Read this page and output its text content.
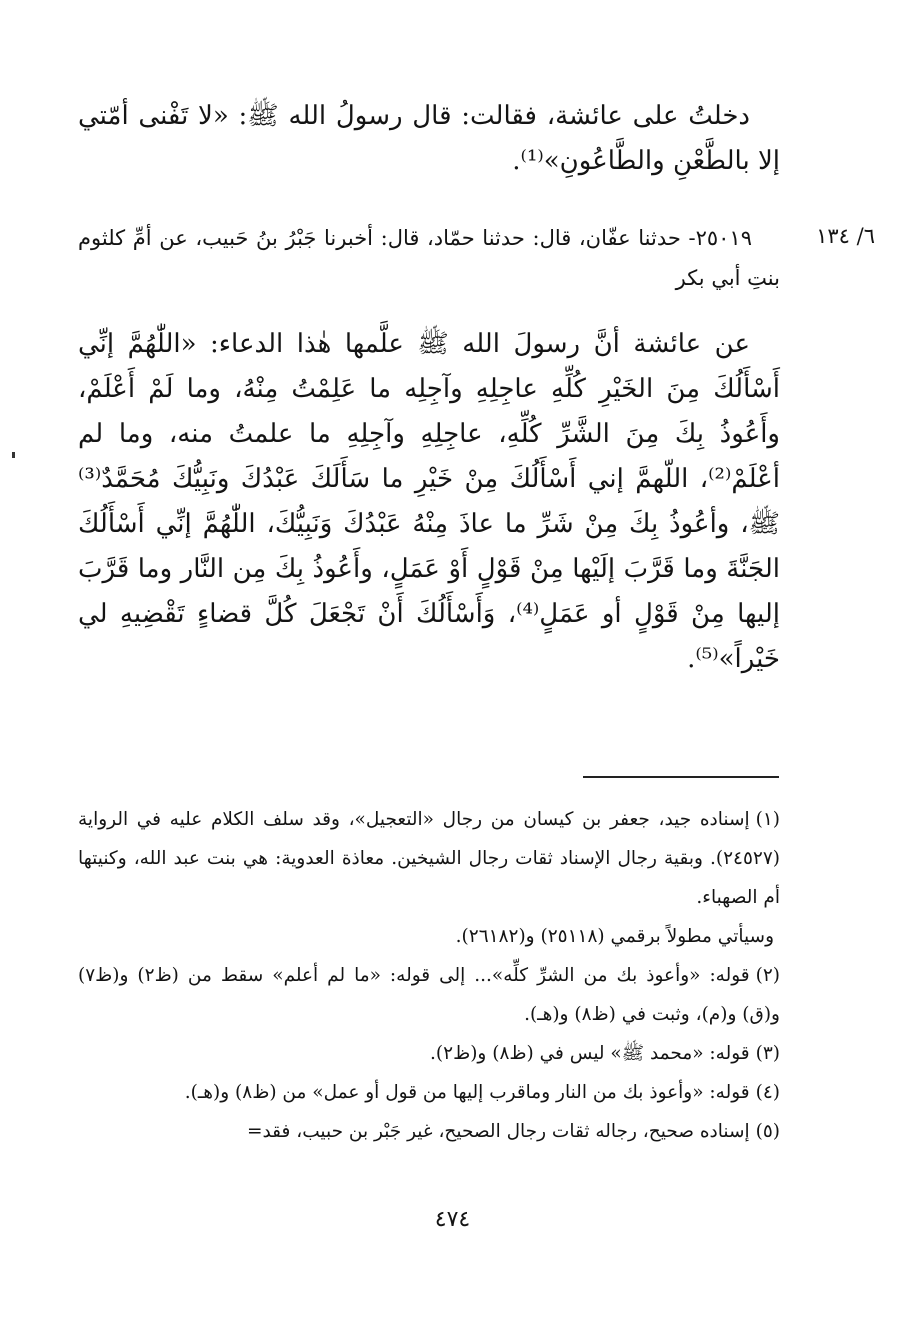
٦/ ١٣٤

دخلتُ على عائشة، فقالت: قال رسولُ الله ﷺ: «لا تَفْنى أمّتي إلا بالطَّعْنِ والطَّاعُونِ»⁽¹⁾.

٢٥٠١٩- حدثنا عفّان، قال: حدثنا حمّاد، قال: أخبرنا جَبْرُ بنُ حَبيب، عن أمِّ كلثوم بنتِ أبي بكر

عن عائشة أنَّ رسولَ الله ﷺ علَّمها هٰذا الدعاء: «اللّٰهُمَّ إنِّي أَسْأَلُكَ مِنَ الخَيْرِ كُلِّهِ عاجِلِهِ وآجِلِه ما عَلِمْتُ مِنْهُ، وما لَمْ أَعْلَمْ، وأَعُوذُ بِكَ مِنَ الشَّرِّ كُلِّهِ، عاجِلِهِ وآجِلِهِ ما علمتُ منه، وما لم أعْلَمْ⁽²⁾، اللّهمَّ إني أَسْأَلُكَ مِنْ خَيْرِ ما سَأَلَكَ عَبْدُكَ ونَبِيُّكَ مُحَمَّدٌ⁽³⁾ ﷺ، وأعُوذُ بِكَ مِنْ شَرِّ ما عاذَ مِنْهُ عَبْدُكَ وَنَبِيُّكَ، اللّٰهُمَّ إنِّي أَسْأَلُكَ الجَنَّةَ وما قَرَّبَ إلَيْها مِنْ قَوْلٍ أَوْ عَمَلٍ، وأَعُوذُ بِكَ مِن النَّار وما قَرَّبَ إليها مِنْ قَوْلٍ أو عَمَلٍ⁽⁴⁾، وَأَسْأَلُكَ أَنْ تَجْعَلَ كُلَّ قضاءٍ تَقْضِيهِ لي خَيْراً»⁽⁵⁾.

(١)إسناده جيد، جعفر بن كيسان من رجال «التعجيل»، وقد سلف الكلام عليه في الرواية (٢٤٥٢٧). وبقية رجال الإسناد ثقات رجال الشيخين. معاذة العدوية: هي بنت عبد الله، وكنيتها أم الصهباء.

وسيأتي مطولاً برقمي (٢٥١١٨) و(٢٦١٨٢).

(٢)قوله: «وأعوذ بك من الشرِّ كلِّه»... إلى قوله: «ما لم أعلم» سقط من (ظ٢) و(ظ٧) و(ق) و(م)، وثبت في (ظ٨) و(هـ).

(٣)قوله: «محمد ﷺ» ليس في (ظ٨) و(ظ٢).

(٤)قوله: «وأعوذ بك من النار وماقرب إليها من قول أو عمل» من (ظ٨) و(هـ).

(٥)إسناده صحيح، رجاله ثقات رجال الصحيح، غير جَبْر بن حبيب، فقد=

٤٧٤
